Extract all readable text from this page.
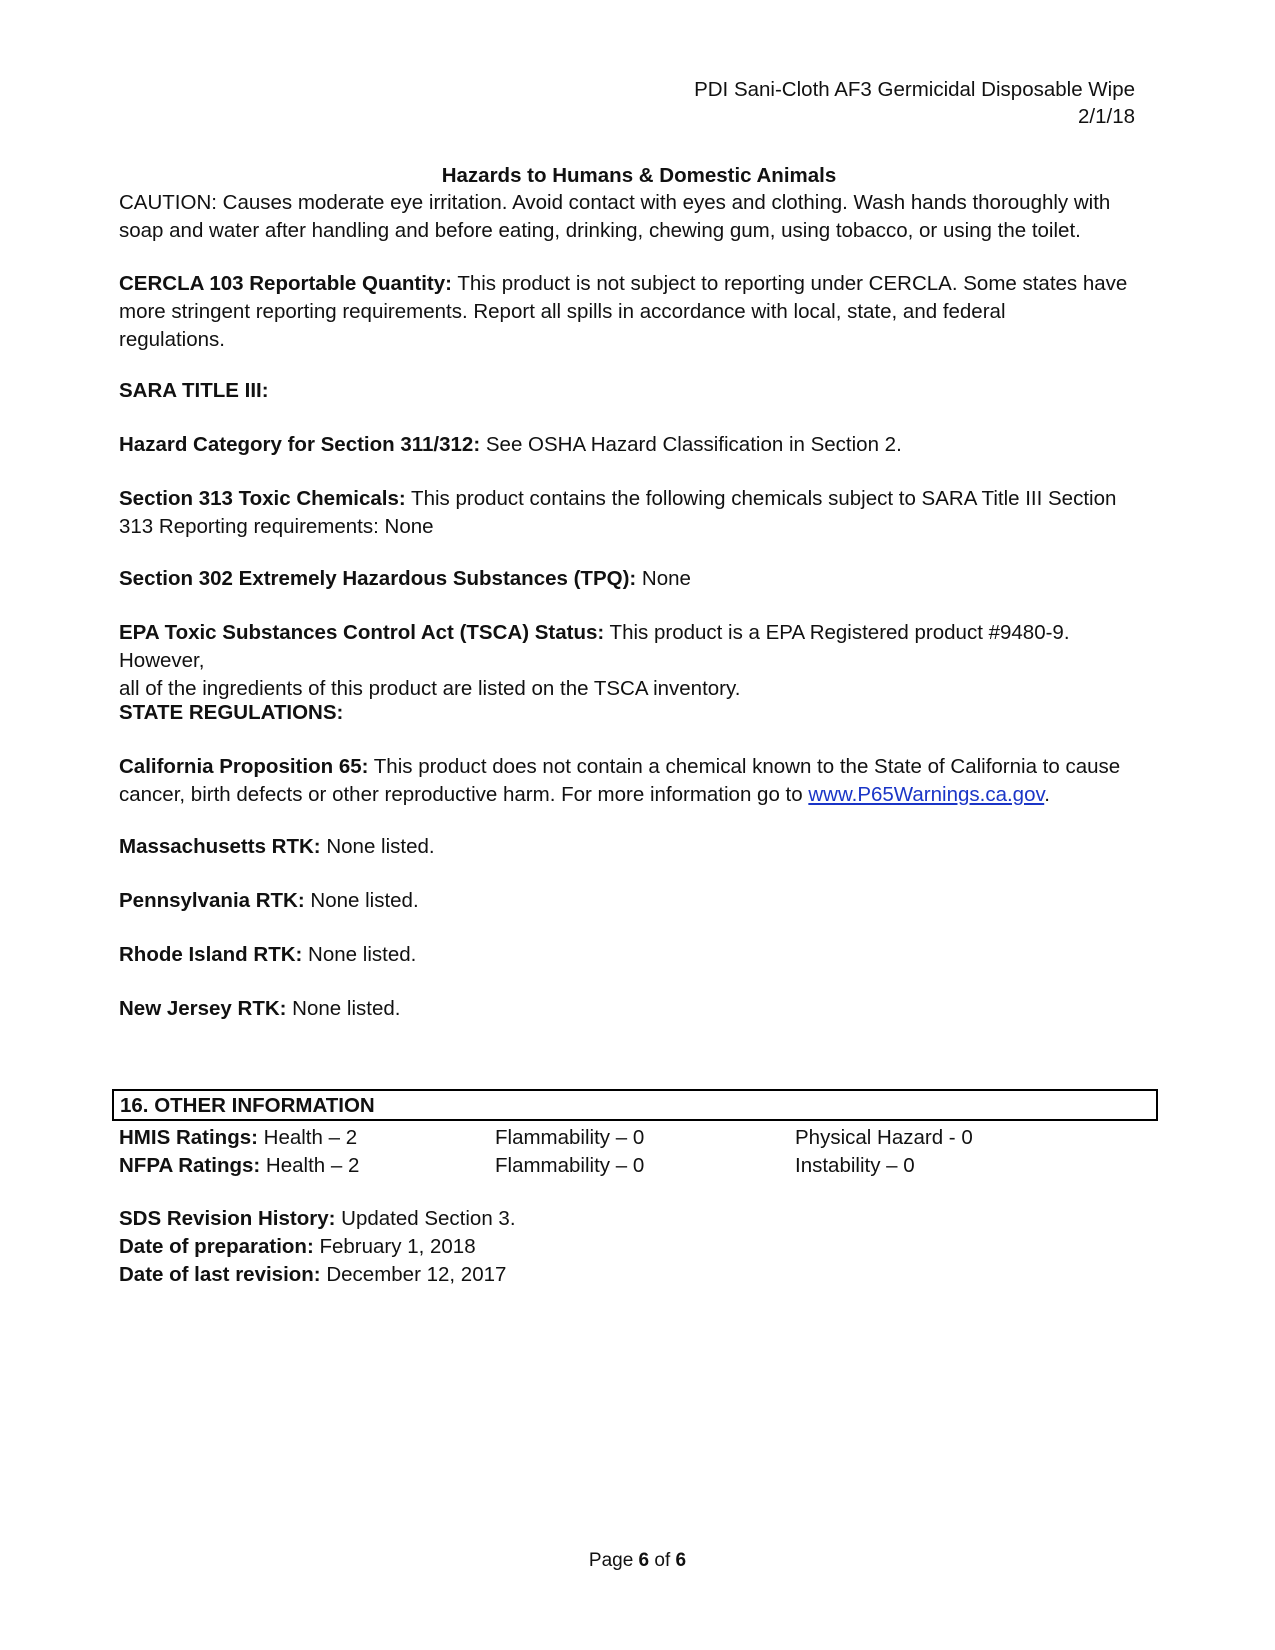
PDI Sani-Cloth AF3 Germicidal Disposable Wipe
2/1/18
Hazards to Humans & Domestic Animals
CAUTION: Causes moderate eye irritation. Avoid contact with eyes and clothing. Wash hands thoroughly with
soap and water after handling and before eating, drinking, chewing gum, using tobacco, or using the toilet.
CERCLA 103 Reportable Quantity: This product is not subject to reporting under CERCLA. Some states have
more stringent reporting requirements. Report all spills in accordance with local, state, and federal
regulations.
SARA TITLE III:
Hazard Category for Section 311/312: See OSHA Hazard Classification in Section 2.
Section 313 Toxic Chemicals: This product contains the following chemicals subject to SARA Title III Section
313 Reporting requirements: None
Section 302 Extremely Hazardous Substances (TPQ): None
EPA Toxic Substances Control Act (TSCA) Status: This product is a EPA Registered product #9480-9. However,
all of the ingredients of this product are listed on the TSCA inventory.
STATE REGULATIONS:
California Proposition 65: This product does not contain a chemical known to the State of California to cause
cancer, birth defects or other reproductive harm. For more information go to www.P65Warnings.ca.gov.
Massachusetts RTK: None listed.
Pennsylvania RTK: None listed.
Rhode Island RTK: None listed.
New Jersey RTK: None listed.
16. OTHER INFORMATION
HMIS Ratings: Health – 2	Flammability – 0	Physical Hazard - 0
NFPA Ratings: Health – 2	Flammability – 0	Instability – 0
SDS Revision History: Updated Section 3.
Date of preparation: February 1, 2018
Date of last revision: December 12, 2017
Page 6 of 6
